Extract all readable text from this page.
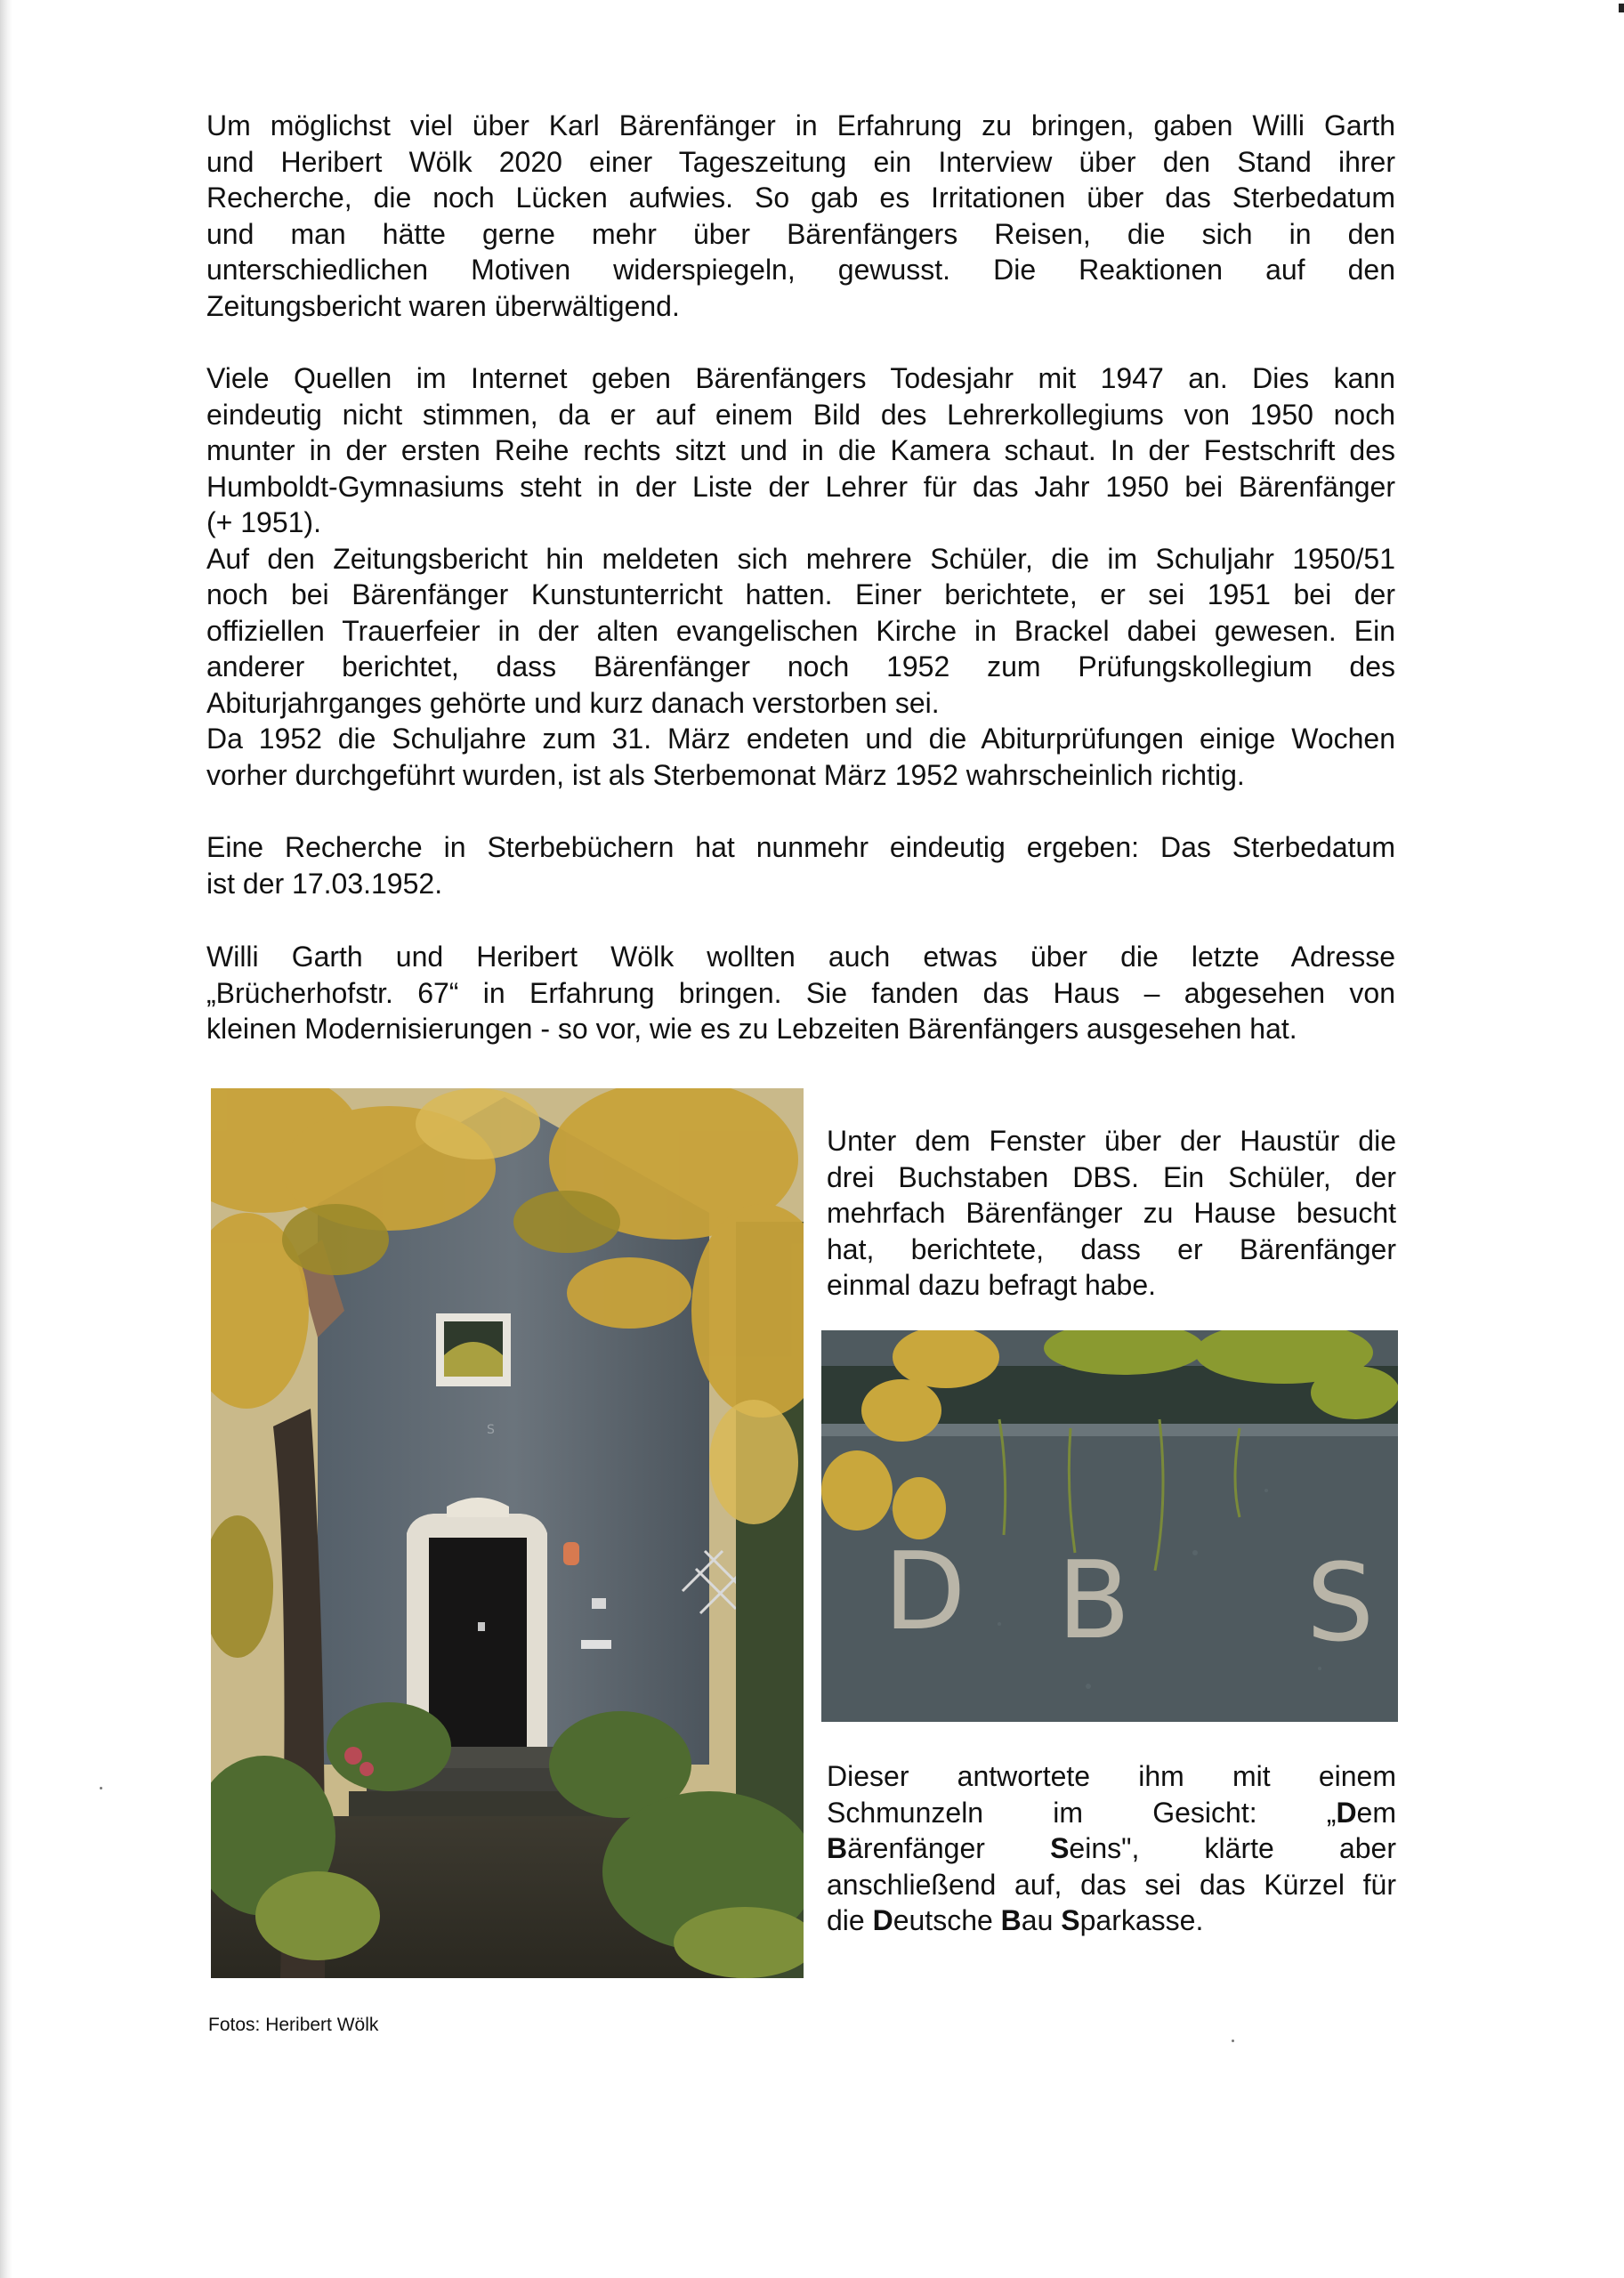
Um möglichst viel über Karl Bärenfänger in Erfahrung zu bringen, gaben Willi Garth
und Heribert Wölk 2020 einer Tageszeitung ein Interview über den Stand ihrer
Recherche, die noch Lücken aufwies. So gab es Irritationen über das Sterbedatum
und man hätte gerne mehr über Bärenfängers Reisen, die sich in den
unterschiedlichen Motiven widerspiegeln, gewusst. Die Reaktionen auf den
Zeitungsbericht waren überwältigend.

Viele Quellen im Internet geben Bärenfängers Todesjahr mit 1947 an. Dies kann
eindeutig nicht stimmen, da er auf einem Bild des Lehrerkollegiums von 1950 noch
munter in der ersten Reihe rechts sitzt und in die Kamera schaut. In der Festschrift des
Humboldt-Gymnasiums steht in der Liste der Lehrer für das Jahr 1950 bei Bärenfänger
(+ 1951).
Auf den Zeitungsbericht hin meldeten sich mehrere Schüler, die im Schuljahr 1950/51
noch bei Bärenfänger Kunstunterricht hatten. Einer berichtete, er sei 1951 bei der
offiziellen Trauerfeier in der alten evangelischen Kirche in Brackel dabei gewesen. Ein
anderer berichtet, dass Bärenfänger noch 1952 zum Prüfungskollegium des
Abiturjahrganges gehörte und kurz danach verstorben sei.
Da 1952 die Schuljahre zum 31. März endeten und die Abiturprüfungen einige Wochen
vorher durchgeführt wurden, ist als Sterbemonat März 1952 wahrscheinlich richtig.

Eine Recherche in Sterbebüchern hat nunmehr eindeutig ergeben: Das Sterbedatum
ist der 17.03.1952.

Willi Garth und Heribert Wölk wollten auch etwas über die letzte Adresse
„Brücherhofstr. 67“ in Erfahrung bringen. Sie fanden das Haus – abgesehen von
kleinen Modernisierungen - so vor, wie es zu Lebzeiten Bärenfängers ausgesehen hat.

S

Unter dem Fenster über der Haustür die
drei Buchstaben DBS. Ein Schüler, der
mehrfach Bärenfänger zu Hause besucht
hat, berichtete, dass er Bärenfänger
einmal dazu befragt habe.

D B S

Dieser antwortete ihm mit einem
Schmunzeln im Gesicht: „Dem
Bärenfänger Seins", klärte aber
anschließend auf, das sei das Kürzel für
die Deutsche Bau Sparkasse.

Fotos: Heribert Wölk
